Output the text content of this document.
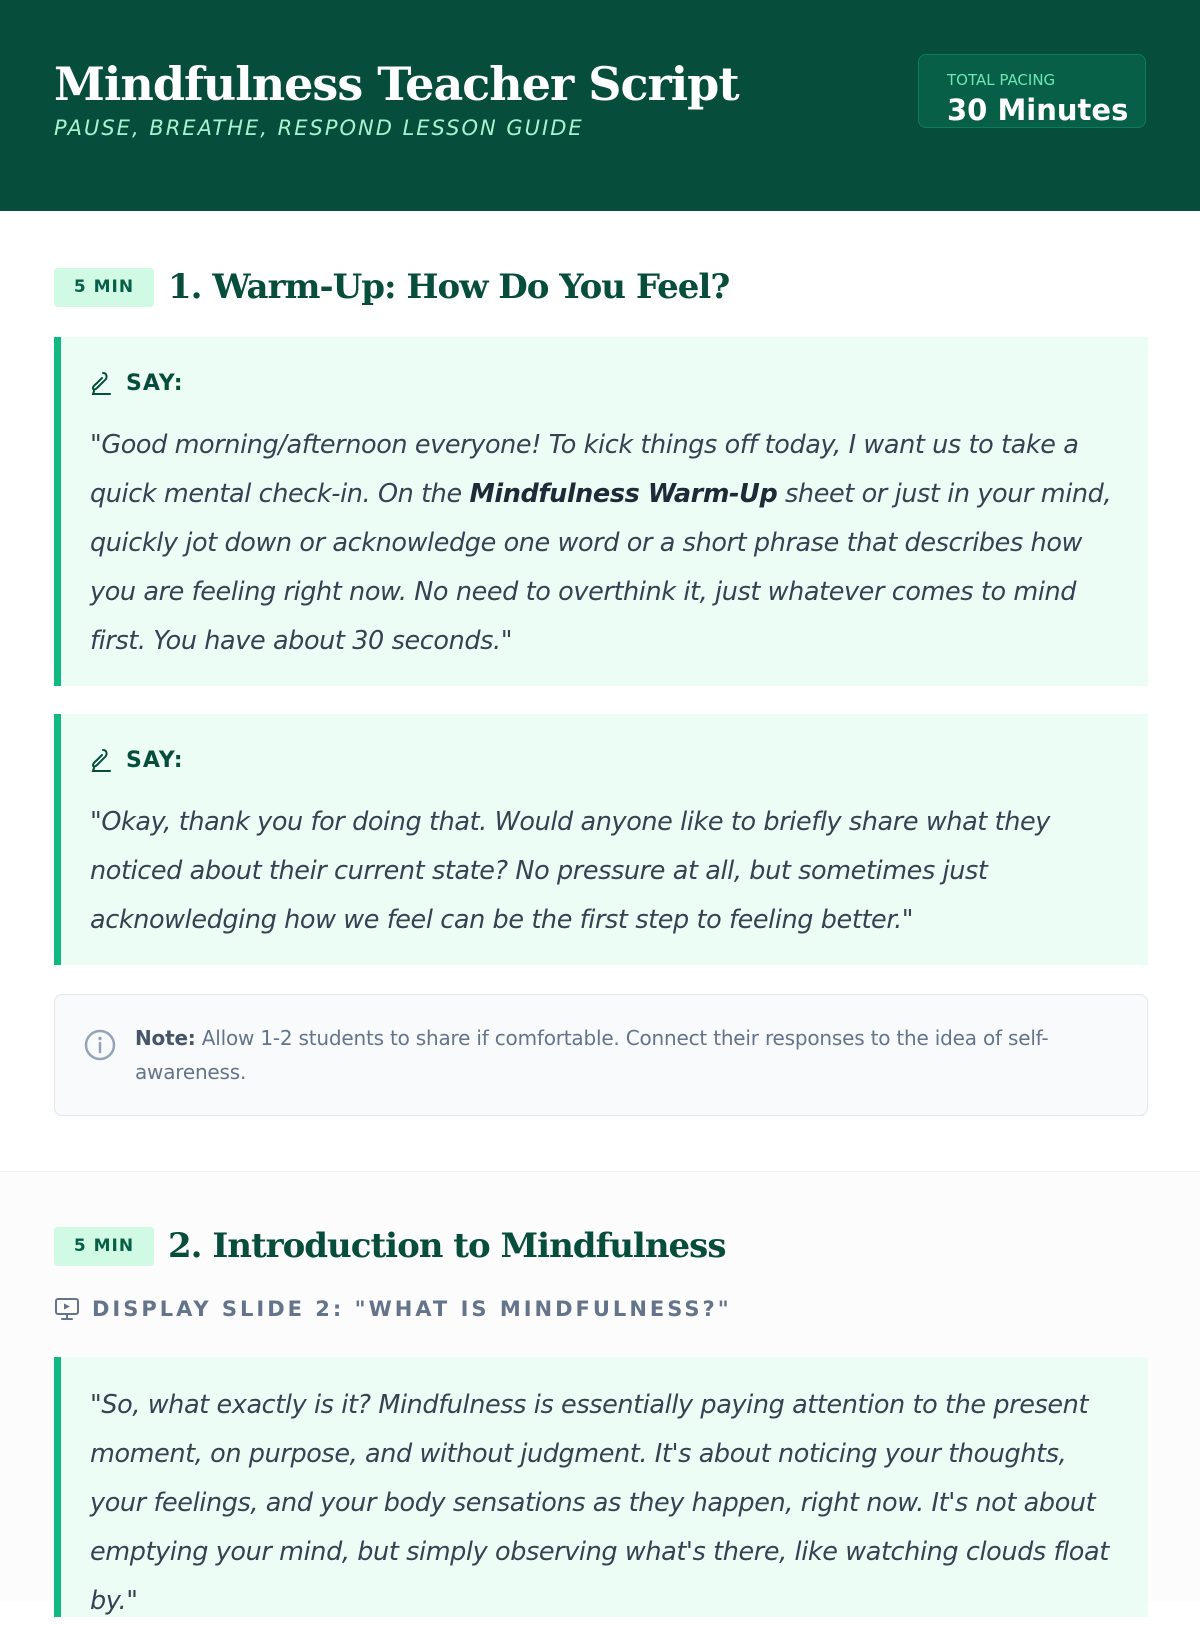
Mindfulness Teacher Script
PAUSE, BREATHE, RESPOND LESSON GUIDE
TOTAL PACING
30 Minutes
5 MIN 1. Warm-Up: How Do You Feel?
SAY:
"Good morning/afternoon everyone! To kick things off today, I want us to take a quick mental check-in. On the Mindfulness Warm-Up sheet or just in your mind, quickly jot down or acknowledge one word or a short phrase that describes how you are feeling right now. No need to overthink it, just whatever comes to mind first. You have about 30 seconds."
SAY:
"Okay, thank you for doing that. Would anyone like to briefly share what they noticed about their current state? No pressure at all, but sometimes just acknowledging how we feel can be the first step to feeling better."
Note: Allow 1-2 students to share if comfortable. Connect their responses to the idea of self-awareness.
5 MIN 2. Introduction to Mindfulness
DISPLAY SLIDE 2: "WHAT IS MINDFULNESS?"
"So, what exactly is it? Mindfulness is essentially paying attention to the present moment, on purpose, and without judgment. It's about noticing your thoughts, your feelings, and your body sensations as they happen, right now. It's not about emptying your mind, but simply observing what's there, like watching clouds float by."
